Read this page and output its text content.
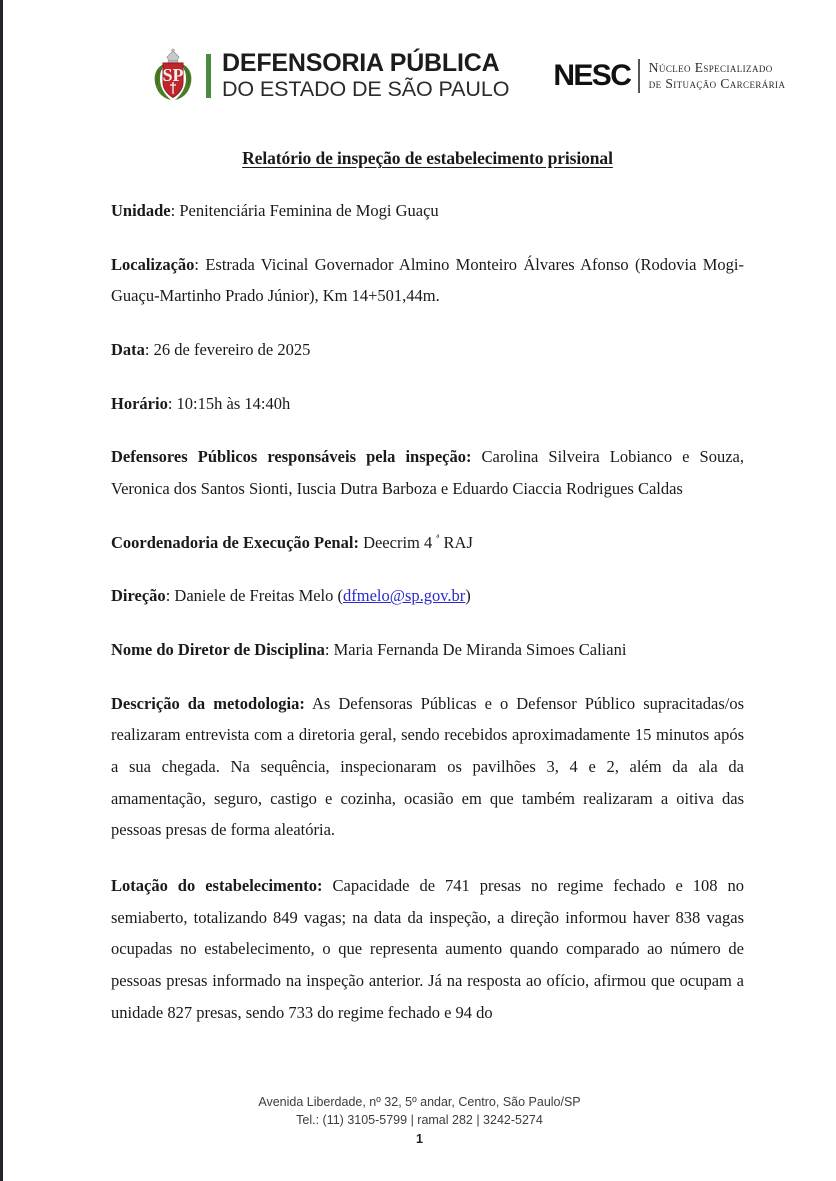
SP DEFENSORIA PÚBLICA
DO ESTADO DE SÃO PAULO NESC Núcleo Especializado
de Situação Carcerária
Relatório de inspeção de estabelecimento prisional

Unidade: Penitenciária Feminina de Mogi Guaçu

Localização: Estrada Vicinal Governador Almino Monteiro Álvares Afonso (Rodovia Mogi- Guaçu-Martinho Prado Júnior), Km 14+501,44m.

Data: 26 de fevereiro de 2025

Horário: 10:15h às 14:40h

Defensores Públicos responsáveis pela inspeção: Carolina Silveira Lobianco e Souza, Veronica dos Santos Sionti, Iuscia Dutra Barboza e Eduardo Ciaccia Rodrigues Caldas

Coordenadoria de Execução Penal: Deecrim 4 $^ª$ RAJ

Direção: Daniele de Freitas Melo (dfmelo@sp.gov.br)

Nome do Diretor de Disciplina: Maria Fernanda De Miranda Simoes Caliani

Descrição da metodologia: As Defensoras Públicas e o Defensor Público supracitadas/os realizaram entrevista com a diretoria geral, sendo recebidos aproximadamente 15 minutos após a sua chegada. Na sequência, inspecionaram os pavilhões 3, 4 e 2, além da ala da amamentação, seguro, castigo e cozinha, ocasião em que também realizaram a oitiva das pessoas presas de forma aleatória.

Lotação do estabelecimento: Capacidade de 741 presas no regime fechado e 108 no semiaberto, totalizando 849 vagas; na data da inspeção, a direção informou haver 838 vagas ocupadas no estabelecimento, o que representa aumento quando comparado ao número de pessoas presas informado na inspeção anterior. Já na resposta ao ofício, afirmou que ocupam a unidade 827 presas, sendo 733 do regime fechado e 94 do

Avenida Liberdade, nº 32, 5º andar, Centro, São Paulo/SP
Tel.: (11) 3105-5799 | ramal 282 | 3242-5274
1
